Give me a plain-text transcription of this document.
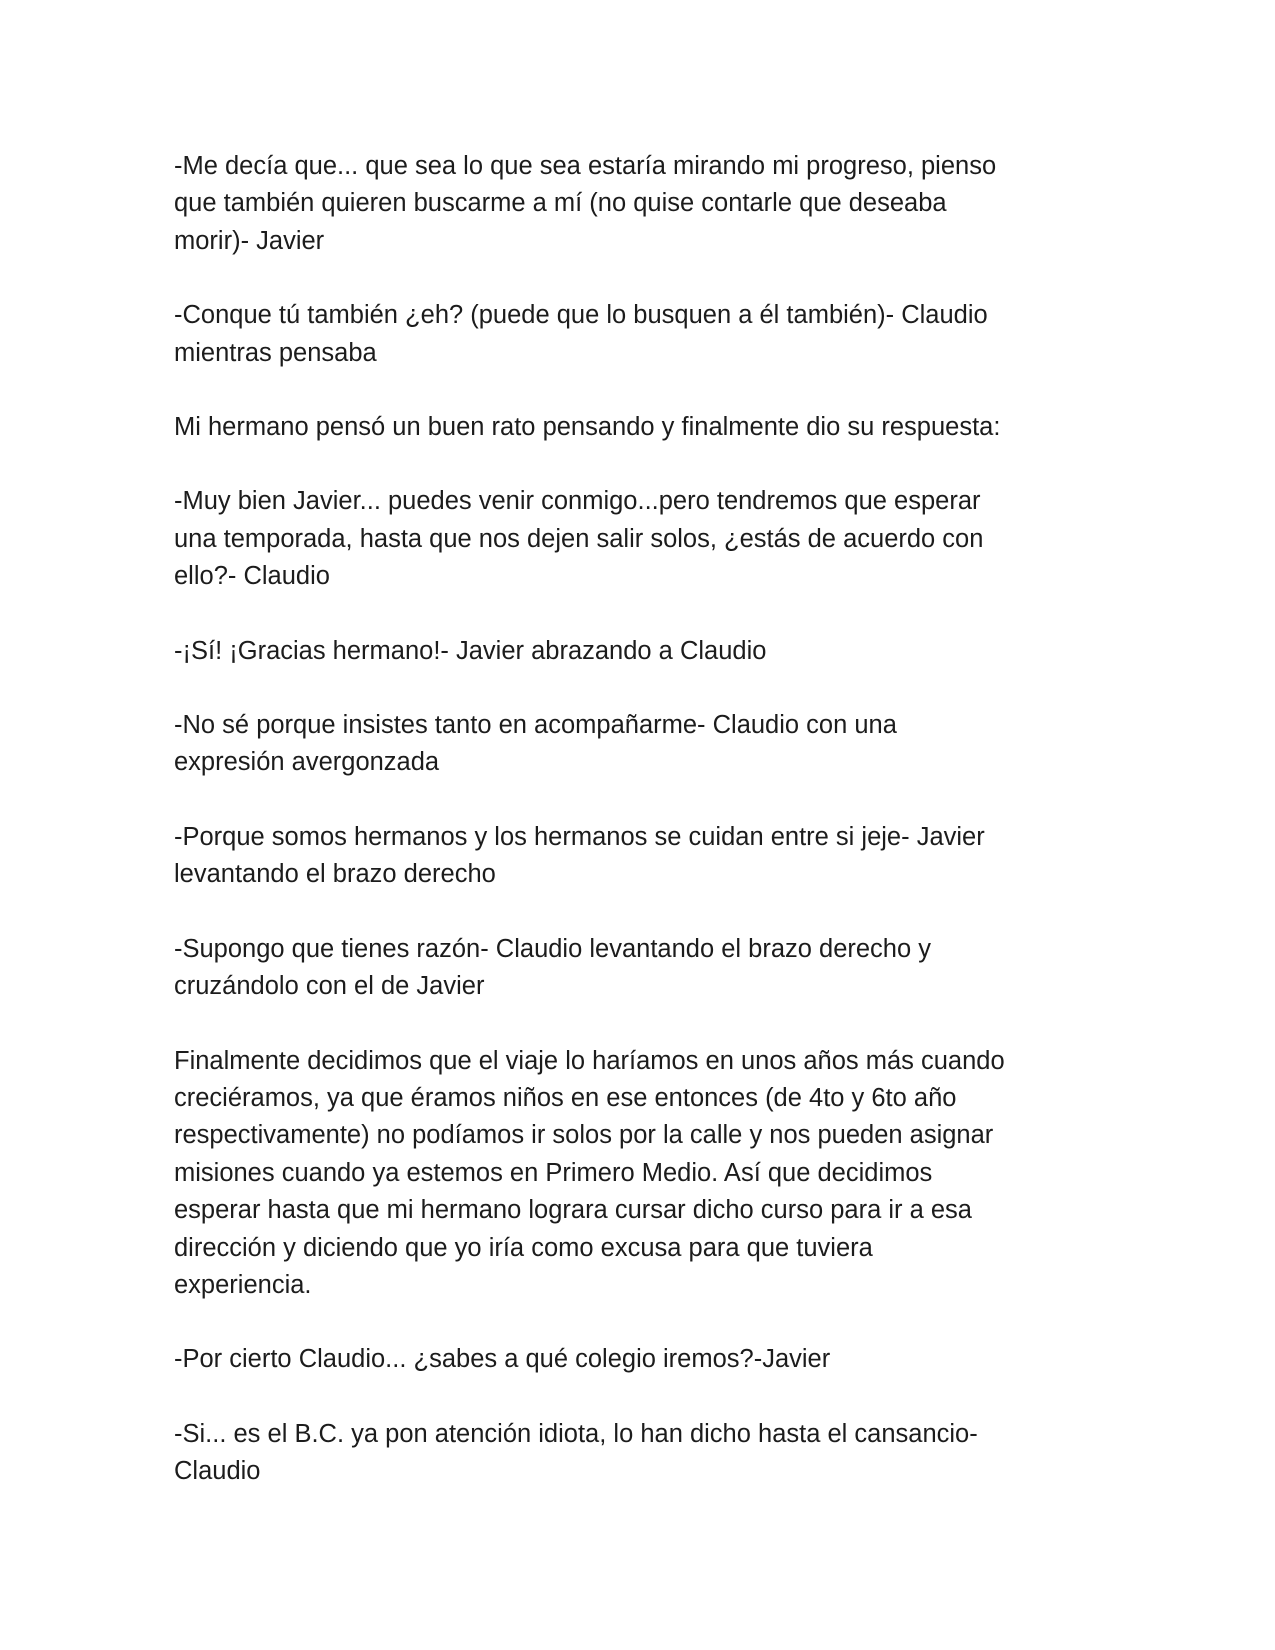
-Me decía que... que sea lo que sea estaría mirando mi progreso, pienso
que también quieren buscarme a mí (no quise contarle que deseaba
morir)- Javier

-Conque tú también ¿eh? (puede que lo busquen a él también)- Claudio
mientras pensaba

Mi hermano pensó un buen rato pensando y finalmente dio su respuesta:

-Muy bien Javier... puedes venir conmigo...pero tendremos que esperar
una temporada, hasta que nos dejen salir solos, ¿estás de acuerdo con
ello?- Claudio

-¡Sí! ¡Gracias hermano!- Javier abrazando a Claudio

-No sé porque insistes tanto en acompañarme- Claudio con una
expresión avergonzada

-Porque somos hermanos y los hermanos se cuidan entre si jeje- Javier
levantando el brazo derecho

-Supongo que tienes razón- Claudio levantando el brazo derecho y
cruzándolo con el de Javier

Finalmente decidimos que el viaje lo haríamos en unos años más cuando
creciéramos, ya que éramos niños en ese entonces (de 4to y 6to año
respectivamente) no podíamos ir solos por la calle y nos pueden asignar
misiones cuando ya estemos en Primero Medio. Así que decidimos
esperar hasta que mi hermano lograra cursar dicho curso para ir a esa
dirección y diciendo que yo iría como excusa para que tuviera
experiencia.

-Por cierto Claudio... ¿sabes a qué colegio iremos?-Javier

-Si... es el B.C. ya pon atención idiota, lo han dicho hasta el cansancio-
Claudio
